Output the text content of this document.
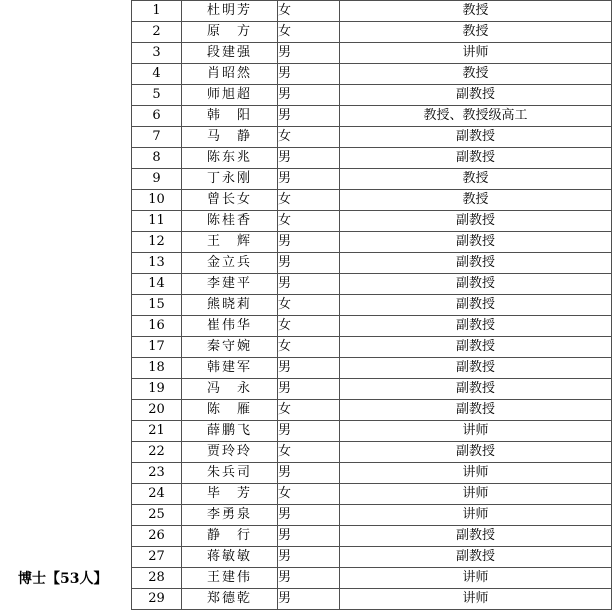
博士【53人】
1	杜明芳	女	教授
2	原　方	女	教授
3	段建强	男	讲师
4	肖昭然	男	教授
5	师旭超	男	副教授
6	韩　阳	男	教授、教授级高工
7	马　静	女	副教授
8	陈东兆	男	副教授
9	丁永刚	男	教授
10	曾长女	女	教授
11	陈桂香	女	副教授
12	王　辉	男	副教授
13	金立兵	男	副教授
14	李建平	男	副教授
15	熊晓莉	女	副教授
16	崔伟华	女	副教授
17	秦守婉	女	副教授
18	韩建军	男	副教授
19	冯　永	男	副教授
20	陈　雁	女	副教授
21	薛鹏飞	男	讲师
22	贾玲玲	女	副教授
23	朱兵司	男	讲师
24	毕　芳	女	讲师
25	李勇泉	男	讲师
26	静　行	男	副教授
27	蒋敏敏	男	副教授
28	王建伟	男	讲师
29	郑德乾	男	讲师
